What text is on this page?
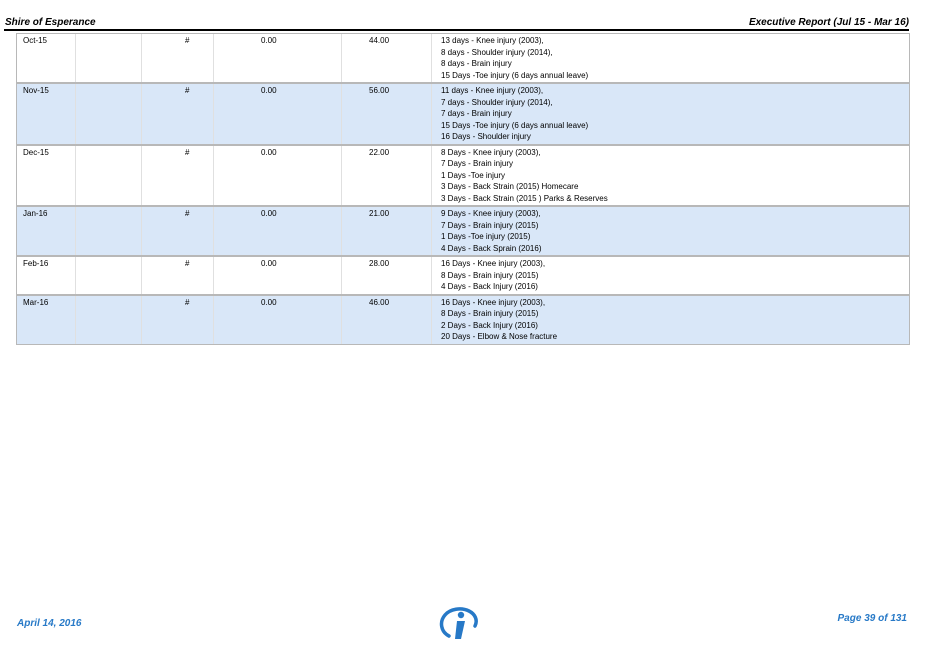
Shire of Esperance	Executive Report (Jul 15 - Mar 16)
Oct-15	#	0.00	44.00	13 days - Knee injury (2003),
8 days - Shoulder injury (2014),
8 days - Brain injury
15 Days -Toe injury (6 days annual leave)
Nov-15	#	0.00	56.00	11 days - Knee injury (2003),
7 days - Shoulder injury (2014),
7 days - Brain injury
15 Days -Toe injury (6 days annual leave)
16 Days - Shoulder injury
Dec-15	#	0.00	22.00	8 Days - Knee injury (2003),
7 Days - Brain injury
1 Days -Toe injury
3 Days - Back Strain (2015) Homecare
3 Days - Back Strain (2015 ) Parks & Reserves
Jan-16	#	0.00	21.00	9 Days - Knee injury (2003),
7 Days - Brain injury (2015)
1 Days -Toe injury (2015)
4 Days - Back Sprain (2016)
Feb-16	#	0.00	28.00	16 Days - Knee injury (2003),
8 Days - Brain injury (2015)
4 Days - Back Injury (2016)
Mar-16	#	0.00	46.00	16 Days - Knee injury (2003),
8 Days - Brain injury (2015)
2 Days - Back Injury (2016)
20 Days - Elbow & Nose fracture
April 14, 2016	Page 39 of 131
